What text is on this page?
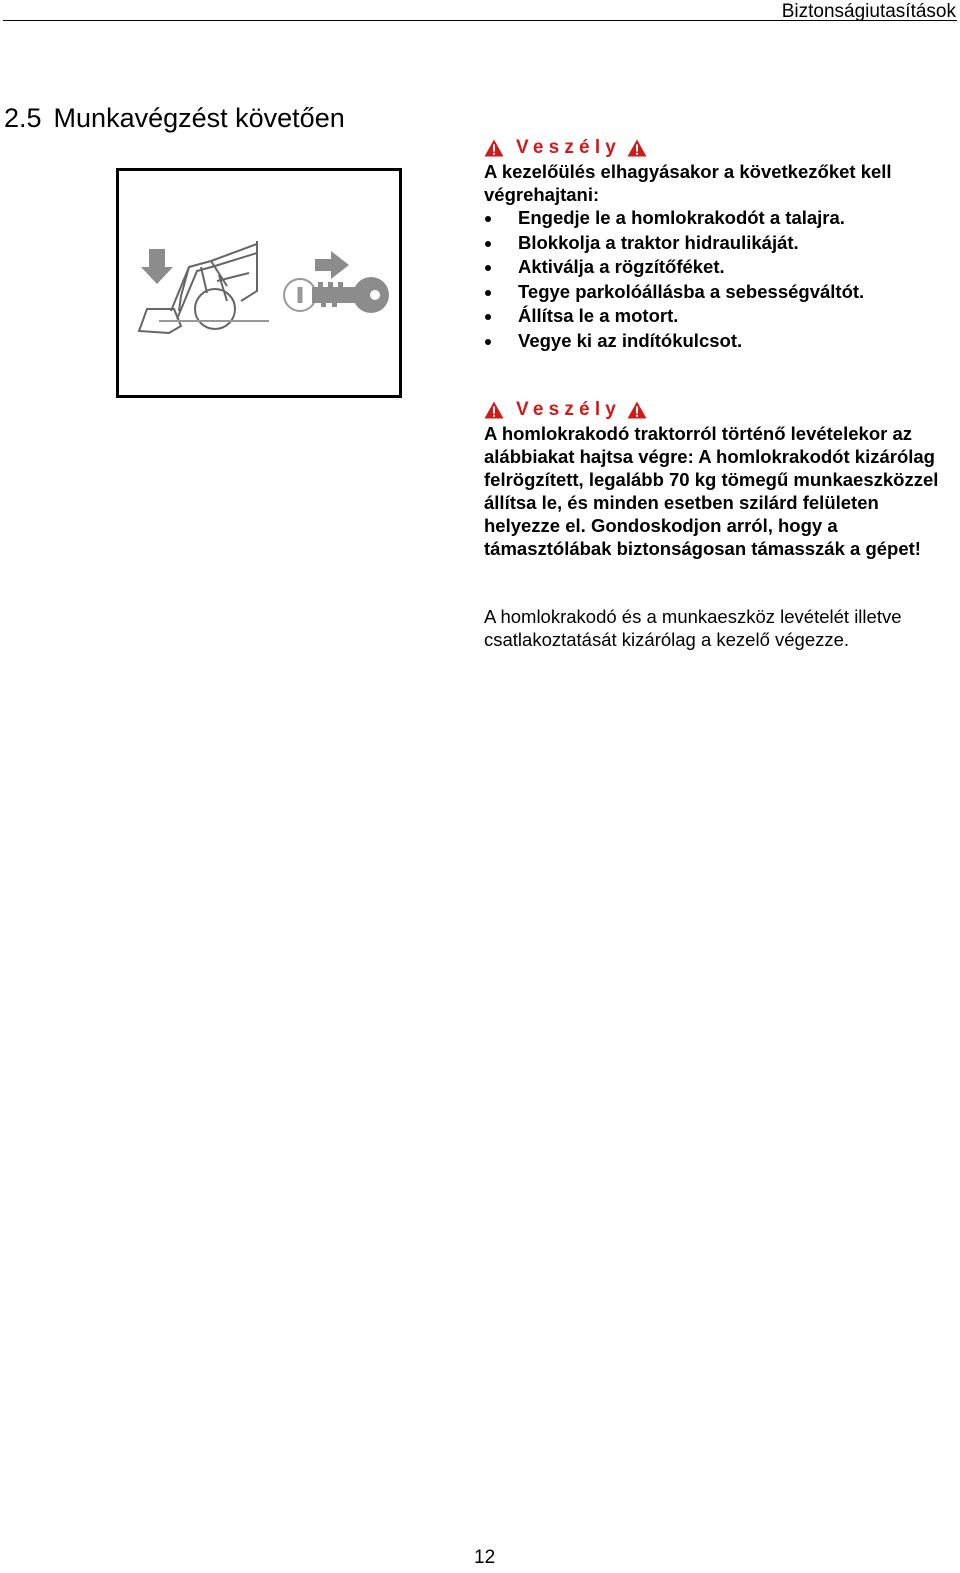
Biztonságiutasítások
2.5 Munkavégzést követően
Veszély
A kezelőülés elhagyásakor a következőket kell végrehajtani:
Engedje le a homlokrakodót a talajra.
Blokkolja a traktor hidraulikáját.
Aktiválja a rögzítőféket.
Tegye parkolóállásba a sebességváltót.
Állítsa le a motort.
Vegye ki az indítókulcsot.
Veszély
A homlokrakodó traktorról történő levételekor az alábbiakat hajtsa végre: A homlokrakodót kizárólag felrögzített, legalább 70 kg tömegű munkaeszközzel állítsa le, és minden esetben szilárd felületen helyezze el. Gondoskodjon arról, hogy a támasztólábak biztonságosan támasszák a gépet!
A homlokrakodó és a munkaeszköz levételét illetve csatlakoztatását kizárólag a kezelő végezze.
12
